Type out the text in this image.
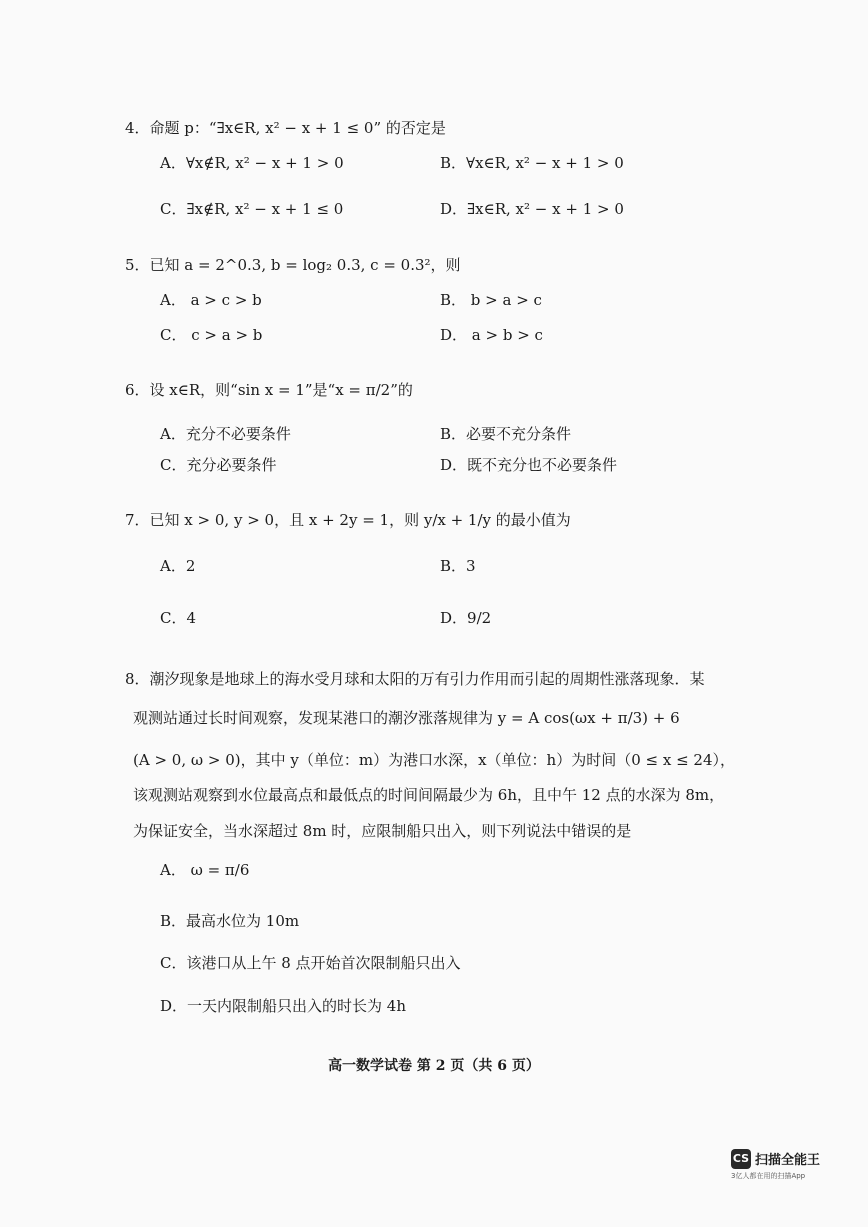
4．命题 p：“∃x∈R, x² − x + 1 ≤ 0” 的否定是
A．∀x∉R, x² − x + 1 > 0	B．∀x∈R, x² − x + 1 > 0
C．∃x∉R, x² − x + 1 ≤ 0	D．∃x∈R, x² − x + 1 > 0
5．已知 a = 2^0.3, b = log₂ 0.3, c = 0.3²，则
A． a > c > b	B． b > a > c
C． c > a > b	D． a > b > c
6．设 x∈R，则“sin x = 1”是“x = π/2”的
A．充分不必要条件	B．必要不充分条件
C．充分必要条件	D．既不充分也不必要条件
7．已知 x > 0, y > 0，且 x + 2y = 1，则 y/x + 1/y 的最小值为
A．2	B．3
C．4	D．9/2
8．潮汐现象是地球上的海水受月球和太阳的万有引力作用而引起的周期性涨落现象．某
观测站通过长时间观察，发现某港口的潮汐涨落规律为 y = A cos(ωx + π/3) + 6
(A > 0, ω > 0)，其中 y（单位：m）为港口水深，x（单位：h）为时间（0 ≤ x ≤ 24），
该观测站观察到水位最高点和最低点的时间间隔最少为 6h，且中午 12 点的水深为 8m，
为保证安全，当水深超过 8m 时，应限制船只出入，则下列说法中错误的是
A． ω = π/6
B．最高水位为 10m
C．该港口从上午 8 点开始首次限制船只出入
D．一天内限制船只出入的时长为 4h
高一数学试卷 第 2 页（共 6 页）
CS 扫描全能王
3亿人都在用的扫描App
